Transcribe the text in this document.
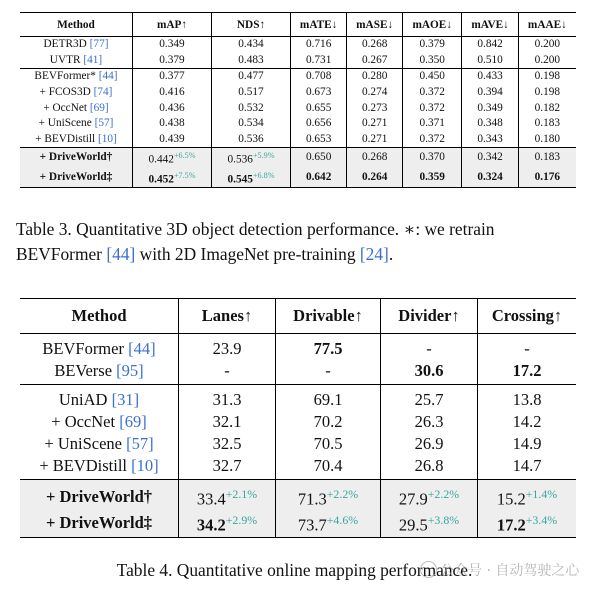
Method	mAP↑	NDS↑	mATE↓	mASE↓	mAOE↓	mAVE↓	mAAE↓
DETR3D [77]	0.349	0.434	0.716	0.268	0.379	0.842	0.200
UVTR [41]	0.379	0.483	0.731	0.267	0.350	0.510	0.200
BEVFormer* [44]	0.377	0.477	0.708	0.280	0.450	0.433	0.198
+ FCOS3D [74]	0.416	0.517	0.673	0.274	0.372	0.394	0.198
+ OccNet [69]	0.436	0.532	0.655	0.273	0.372	0.349	0.182
+ UniScene [57]	0.438	0.534	0.656	0.271	0.371	0.348	0.183
+ BEVDistill [10]	0.439	0.536	0.653	0.271	0.372	0.343	0.180
+ DriveWorld†	$0.442^{+6.5\%}$	$0.536^{+5.9\%}$	0.650	0.268	0.370	0.342	0.183
+ DriveWorld‡	$0.452^{+7.5\%}$	$0.545^{+6.8\%}$	0.642	0.264	0.359	0.324	0.176

Table 3. Quantitative 3D object detection performance. ∗: we retrain BEVFormer [44] with 2D ImageNet pre-training [24].

Method	Lanes↑	Drivable↑	Divider↑	Crossing↑
BEVFormer [44]	23.9	77.5	-	-
BEVerse [95]	-	-	30.6	17.2
UniAD [31]	31.3	69.1	25.7	13.8
+ OccNet [69]	32.1	70.2	26.3	14.2
+ UniScene [57]	32.5	70.5	26.9	14.9
+ BEVDistill [10]	32.7	70.4	26.8	14.7
+ DriveWorld†	$33.4^{+2.1\%}$	$71.3^{+2.2\%}$	$27.9^{+2.2\%}$	$15.2^{+1.4\%}$
+ DriveWorld‡	$34.2^{+2.9\%}$	$73.7^{+4.6\%}$	$29.5^{+3.8\%}$	$17.2^{+3.4\%}$

Table 4. Quantitative online mapping performance.

公众号 · 自动驾驶之心
